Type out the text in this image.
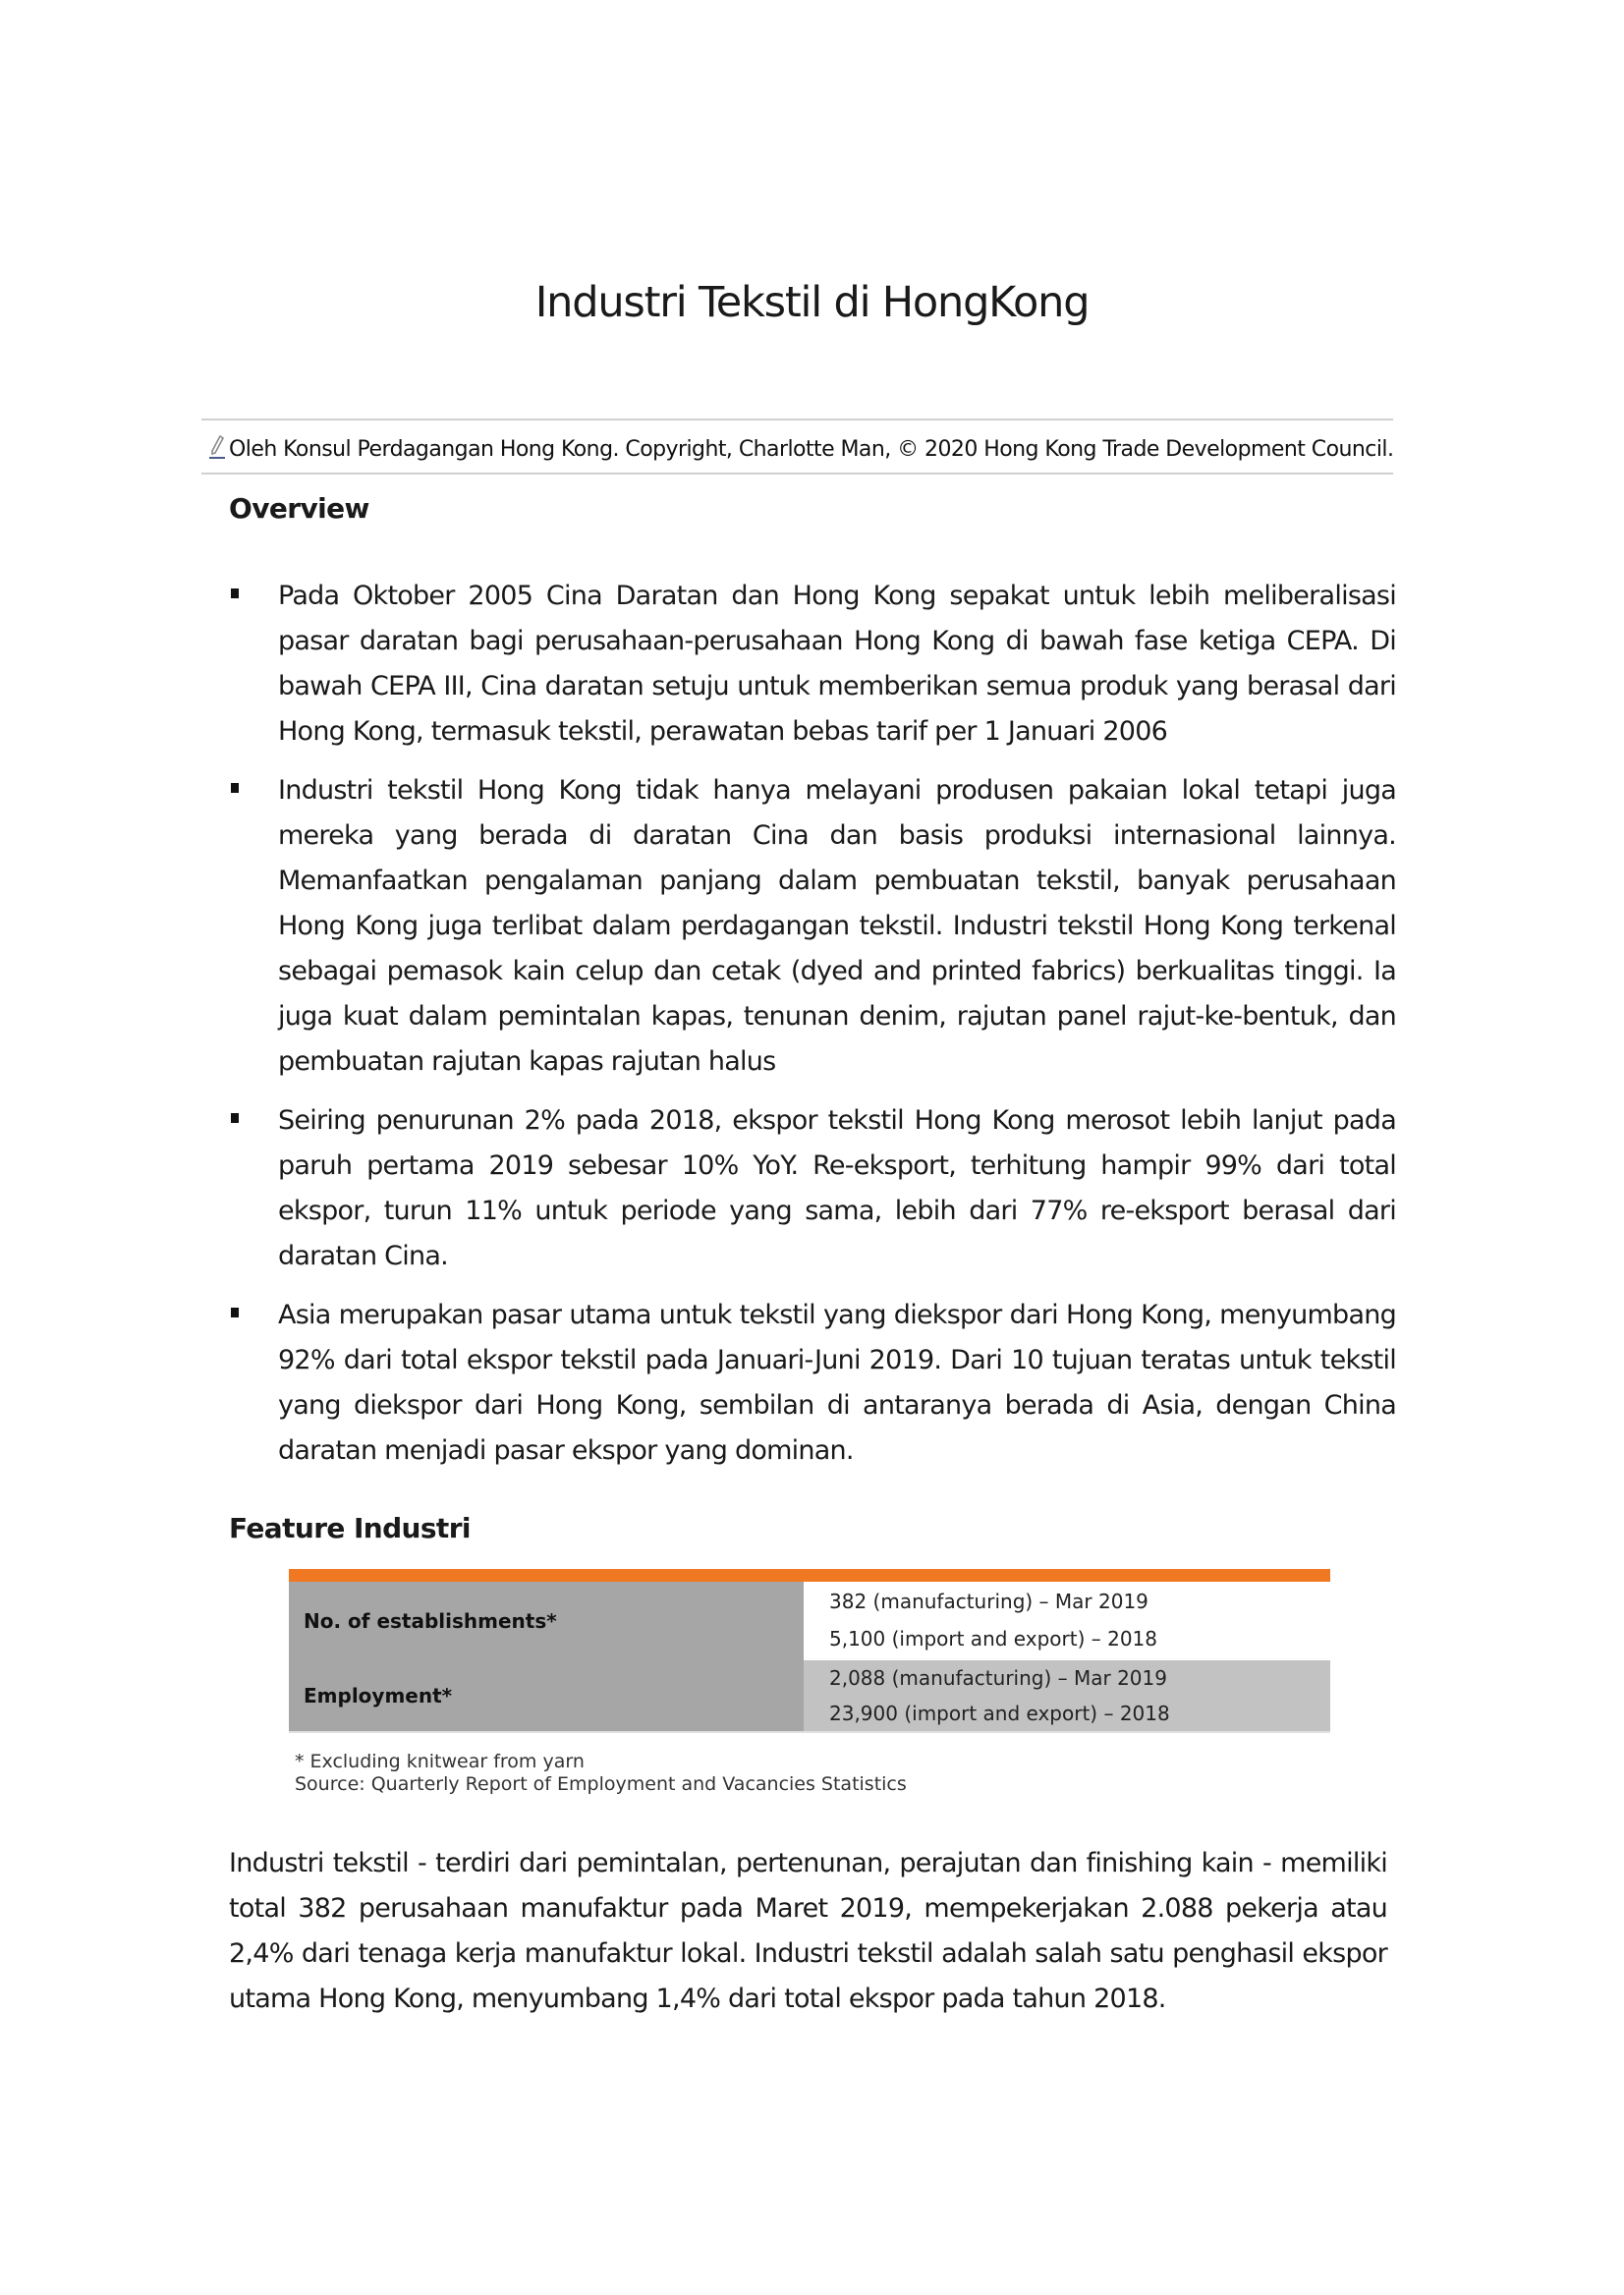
Industri Tekstil di HongKong
Oleh Konsul Perdagangan Hong Kong. Copyright, Charlotte Man, © 2020 Hong Kong Trade Development Council.
Overview
Pada Oktober 2005 Cina Daratan dan Hong Kong sepakat untuk lebih meliberalisasi pasar daratan bagi perusahaan-perusahaan Hong Kong di bawah fase ketiga CEPA. Di bawah CEPA III, Cina daratan setuju untuk memberikan semua produk yang berasal dari Hong Kong, termasuk tekstil, perawatan bebas tarif per 1 Januari 2006
Industri tekstil Hong Kong tidak hanya melayani produsen pakaian lokal tetapi juga mereka yang berada di daratan Cina dan basis produksi internasional lainnya. Memanfaatkan pengalaman panjang dalam pembuatan tekstil, banyak perusahaan Hong Kong juga terlibat dalam perdagangan tekstil. Industri tekstil Hong Kong terkenal sebagai pemasok kain celup dan cetak (dyed and printed fabrics) berkualitas tinggi. Ia juga kuat dalam pemintalan kapas, tenunan denim, rajutan panel rajut-ke-bentuk, dan pembuatan rajutan kapas rajutan halus
Seiring penurunan 2% pada 2018, ekspor tekstil Hong Kong merosot lebih lanjut pada paruh pertama 2019 sebesar 10% YoY. Re-eksport, terhitung hampir 99% dari total ekspor, turun 11% untuk periode yang sama, lebih dari 77% re-eksport berasal dari daratan Cina.
Asia merupakan pasar utama untuk tekstil yang diekspor dari Hong Kong, menyumbang 92% dari total ekspor tekstil pada Januari-Juni 2019. Dari 10 tujuan teratas untuk tekstil yang diekspor dari Hong Kong, sembilan di antaranya berada di Asia, dengan China daratan menjadi pasar ekspor yang dominan.
Feature Industri
No. of establishments*
382 (manufacturing) – Mar 2019
5,100 (import and export) – 2018
Employment*
2,088 (manufacturing) – Mar 2019
23,900 (import and export) – 2018
* Excluding knitwear from yarn
Source: Quarterly Report of Employment and Vacancies Statistics

Industri tekstil - terdiri dari pemintalan, pertenunan, perajutan dan finishing kain - memiliki total 382 perusahaan manufaktur pada Maret 2019, mempekerjakan 2.088 pekerja atau 2,4% dari tenaga kerja manufaktur lokal. Industri tekstil adalah salah satu penghasil ekspor utama Hong Kong, menyumbang 1,4% dari total ekspor pada tahun 2018.
